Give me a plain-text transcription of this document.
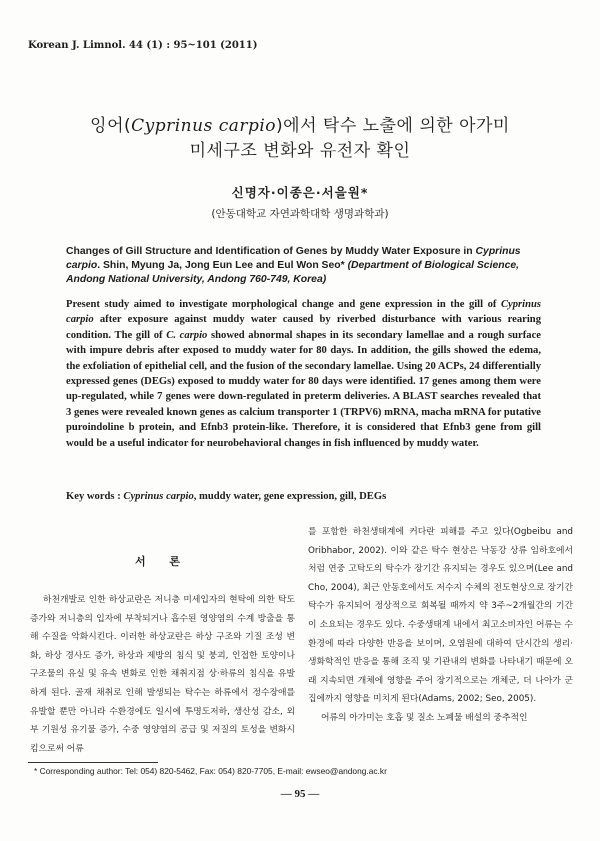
Korean J. Limnol. 44 (1) : 95~101 (2011)
잉어(Cyprinus carpio)에서 탁수 노출에 의한 아가미
미세구조 변화와 유전자 확인
신명자·이종은·서을원*
(안동대학교 자연과학대학 생명과학과)
Changes of Gill Structure and Identification of Genes by Muddy Water Exposure in Cyprinus carpio. Shin, Myung Ja, Jong Eun Lee and Eul Won Seo* (Department of Biological Science, Andong National University, Andong 760-749, Korea)
Present study aimed to investigate morphological change and gene expression in the gill of Cyprinus carpio after exposure against muddy water caused by riverbed disturbance with various rearing condition. The gill of C. carpio showed abnormal shapes in its secondary lamellae and a rough surface with impure debris after exposed to muddy water for 80 days. In addition, the gills showed the edema, the exfoliation of epithelial cell, and the fusion of the secondary lamellae. Using 20 ACPs, 24 differentially expressed genes (DEGs) exposed to muddy water for 80 days were identified. 17 genes among them were up-regulated, while 7 genes were down-regulated in preterm deliveries. A BLAST searches revealed that 3 genes were revealed known genes as calcium transporter 1 (TRPV6) mRNA, macha mRNA for putative puroindoline b protein, and Efnb3 protein-like. Therefore, it is considered that Efnb3 gene from gill would be a useful indicator for neurobehavioral changes in fish influenced by muddy water.
Key words : Cyprinus carpio, muddy water, gene expression, gill, DEGs
서 론

하천개발로 인한 하상교란은 저니층 미세입자의 현탁에 의한 탁도 증가와 저니층의 입자에 부착되거나 흡수된 영양염의 수계 방출을 통해 수질을 악화시킨다. 이러한 하상교란은 하상 구조와 기질 조성 변화, 하상 경사도 증가, 하상과 제방의 침식 및 붕괴, 인접한 토양이나 구조물의 유실 및 유속 변화로 인한 채취지점 상·하류의 침식을 유발하게 된다. 골재 채취로 인해 발생되는 탁수는 하류에서 정수장애를 유발할 뿐만 아니라 수환경에도 일시에 투명도저하, 생산성 감소, 외부 기원성 유기물 증가, 수중 영양염의 공급 및 저질의 토성을 변화시킴으로써 어류

를 포함한 하천생태계에 커다란 피해를 주고 있다(Ogbeibu and Oribhabor, 2002). 이와 같은 탁수 현상은 낙동강 상류 임하호에서 처럼 연중 고탁도의 탁수가 장기간 유지되는 경우도 있으며(Lee and Cho, 2004), 최근 안동호에서도 저수지 수체의 전도현상으로 장기간 탁수가 유지되어 정상적으로 회복될 때까지 약 3주~2개월간의 기간이 소요되는 경우도 있다. 수중생태계 내에서 최고소비자인 어류는 수환경에 따라 다양한 반응을 보이며, 오염원에 대하여 단시간의 생리·생화학적인 반응을 통해 조직 및 기관내의 변화를 나타내기 때문에 오래 지속되면 개체에 영향을 주어 장기적으로는 개체군, 더 나아가 군집에까지 영향을 미치게 된다(Adams, 2002; Seo, 2005).

어류의 아가미는 호흡 및 질소 노폐물 배설의 중추적인

* Corresponding author: Tel: 054) 820-5462, Fax: 054) 820-7705, E-mail: ewseo@andong.ac.kr
— 95 —
